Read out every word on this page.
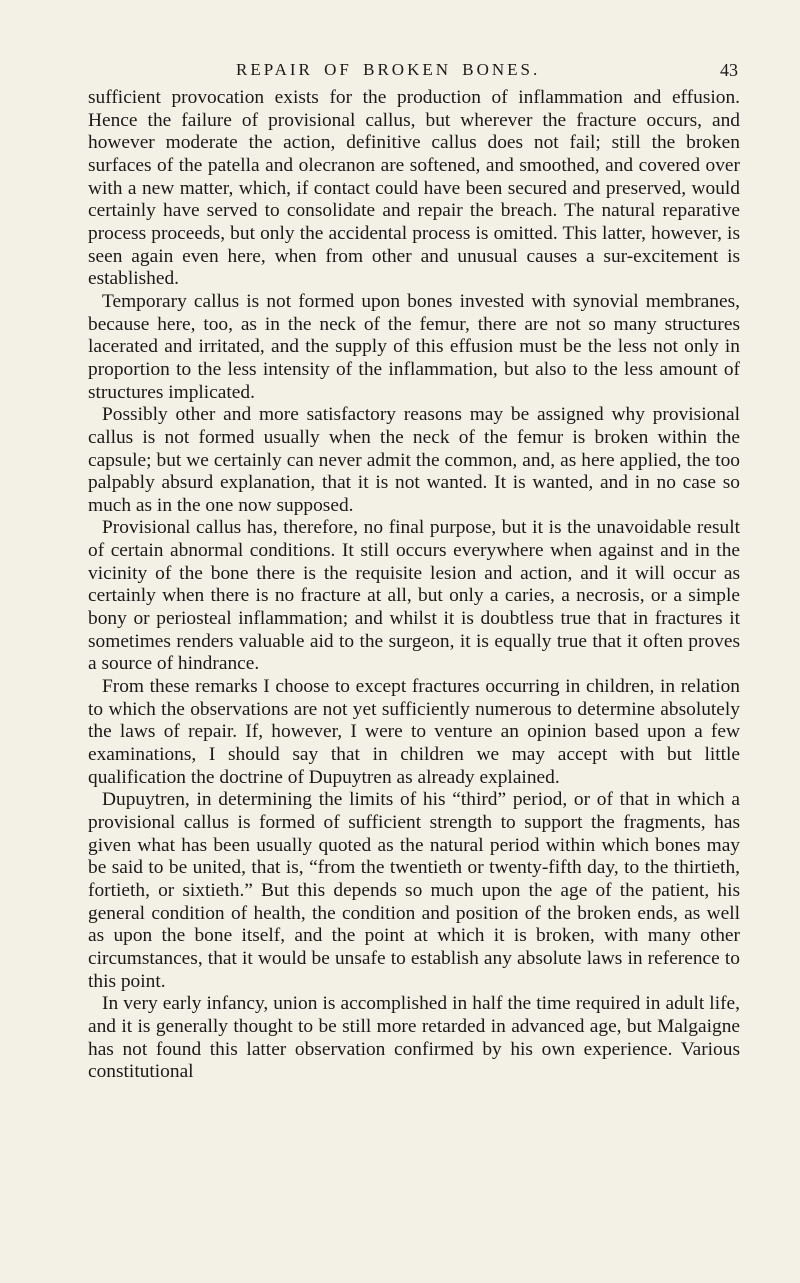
REPAIR OF BROKEN BONES.	43

sufficient provocation exists for the production of inflammation and effusion. Hence the failure of provisional callus, but wherever the fracture occurs, and however moderate the action, definitive callus does not fail; still the broken surfaces of the patella and olecranon are softened, and smoothed, and covered over with a new matter, which, if contact could have been secured and preserved, would certainly have served to consolidate and repair the breach. The natural reparative process proceeds, but only the accidental process is omitted. This latter, however, is seen again even here, when from other and unusual causes a sur-excitement is established.

Temporary callus is not formed upon bones invested with synovial membranes, because here, too, as in the neck of the femur, there are not so many structures lacerated and irritated, and the supply of this effusion must be the less not only in proportion to the less intensity of the inflammation, but also to the less amount of structures implicated.

Possibly other and more satisfactory reasons may be assigned why provisional callus is not formed usually when the neck of the femur is broken within the capsule; but we certainly can never admit the common, and, as here applied, the too palpably absurd explanation, that it is not wanted. It is wanted, and in no case so much as in the one now supposed.

Provisional callus has, therefore, no final purpose, but it is the unavoidable result of certain abnormal conditions. It still occurs everywhere when against and in the vicinity of the bone there is the requisite lesion and action, and it will occur as certainly when there is no fracture at all, but only a caries, a necrosis, or a simple bony or periosteal inflammation; and whilst it is doubtless true that in fractures it sometimes renders valuable aid to the surgeon, it is equally true that it often proves a source of hindrance.

From these remarks I choose to except fractures occurring in children, in relation to which the observations are not yet sufficiently numerous to determine absolutely the laws of repair. If, however, I were to venture an opinion based upon a few examinations, I should say that in children we may accept with but little qualification the doctrine of Dupuytren as already explained.

Dupuytren, in determining the limits of his “third” period, or of that in which a provisional callus is formed of sufficient strength to support the fragments, has given what has been usually quoted as the natural period within which bones may be said to be united, that is, “from the twentieth or twenty-fifth day, to the thirtieth, fortieth, or sixtieth.” But this depends so much upon the age of the patient, his general condition of health, the condition and position of the broken ends, as well as upon the bone itself, and the point at which it is broken, with many other circumstances, that it would be unsafe to establish any absolute laws in reference to this point.

In very early infancy, union is accomplished in half the time required in adult life, and it is generally thought to be still more retarded in advanced age, but Malgaigne has not found this latter observation confirmed by his own experience. Various constitutional
